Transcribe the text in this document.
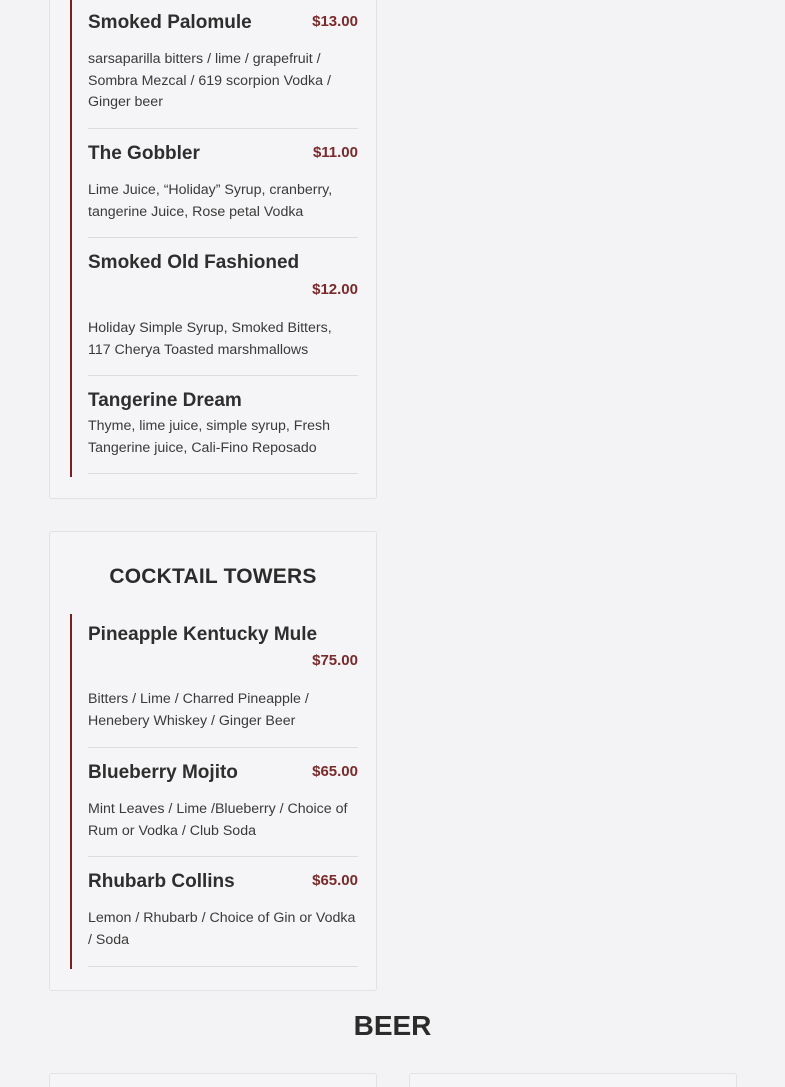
Smoked Palomule	$13.00
sarsaparilla bitters / lime / grapefruit / Sombra Mezcal / 619 scorpion Vodka / Ginger beer
The Gobbler	$11.00
Lime Juice, “Holiday” Syrup, cranberry, tangerine Juice, Rose petal Vodka
Smoked Old Fashioned
$12.00
Holiday Simple Syrup, Smoked Bitters, 117 Cherya Toasted marshmallows
Tangerine Dream
Thyme, lime juice, simple syrup, Fresh Tangerine juice, Cali-Fino Reposado
COCKTAIL TOWERS
Pineapple Kentucky Mule
$75.00
Bitters / Lime / Charred Pineapple / Henebery Whiskey / Ginger Beer
Blueberry Mojito	$65.00
Mint Leaves / Lime /Blueberry / Choice of Rum or Vodka / Club Soda
Rhubarb Collins	$65.00
Lemon / Rhubarb / Choice of Gin or Vodka / Soda
BEER
